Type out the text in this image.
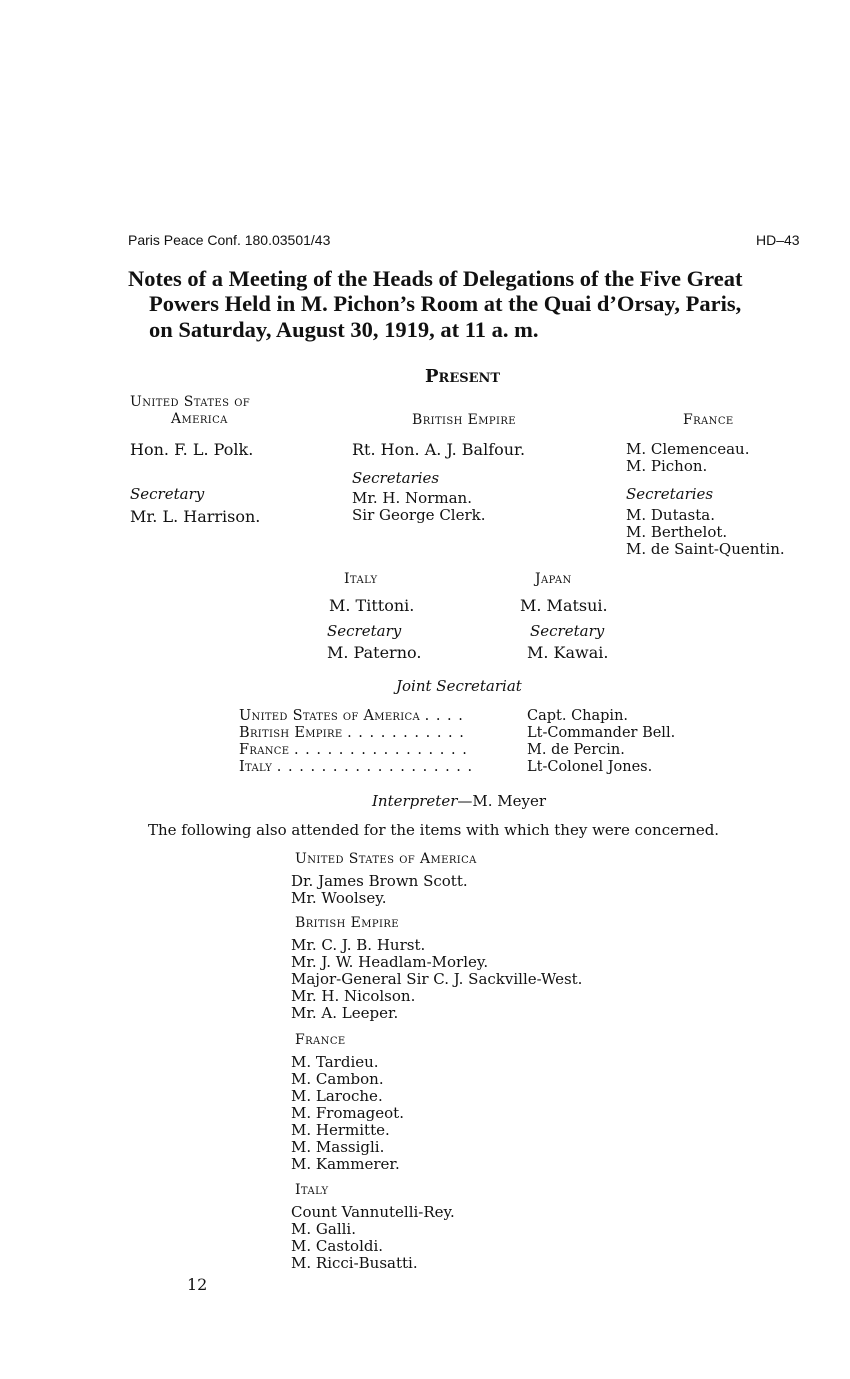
Paris Peace Conf. 180.03501/43	HD–43
Notes of a Meeting of the Heads of Delegations of the Five Great
Powers Held in M. Pichon’s Room at the Quai d’Orsay, Paris,
on Saturday, August 30, 1919, at 11 a. m.
Present
United States of
America
Hon. F. L. Polk.
Secretary
Mr. L. Harrison.
British Empire
Rt. Hon. A. J. Balfour.
Secretaries
Mr. H. Norman.
Sir George Clerk.
France
M. Clemenceau.
M. Pichon.
Secretaries
M. Dutasta.
M. Berthelot.
M. de Saint-Quentin.
Italy
M. Tittoni.
Secretary
M. Paterno.
Japan
M. Matsui.
Secretary
M. Kawai.
Joint Secretariat
United States of America . . . .	Capt. Chapin.
British Empire . . . . . . . . . . .	Lt-Commander Bell.
France . . . . . . . . . . . . . . . .	M. de Percin.
Italy . . . . . . . . . . . . . . . . . .	Lt-Colonel Jones.
Interpreter—M. Meyer
The following also attended for the items with which they were concerned.
United States of America
Dr. James Brown Scott.
Mr. Woolsey.
British Empire
Mr. C. J. B. Hurst.
Mr. J. W. Headlam-Morley.
Major-General Sir C. J. Sackville-West.
Mr. H. Nicolson.
Mr. A. Leeper.
France
M. Tardieu.
M. Cambon.
M. Laroche.
M. Fromageot.
M. Hermitte.
M. Massigli.
M. Kammerer.
Italy
Count Vannutelli-Rey.
M. Galli.
M. Castoldi.
M. Ricci-Busatti.
12
